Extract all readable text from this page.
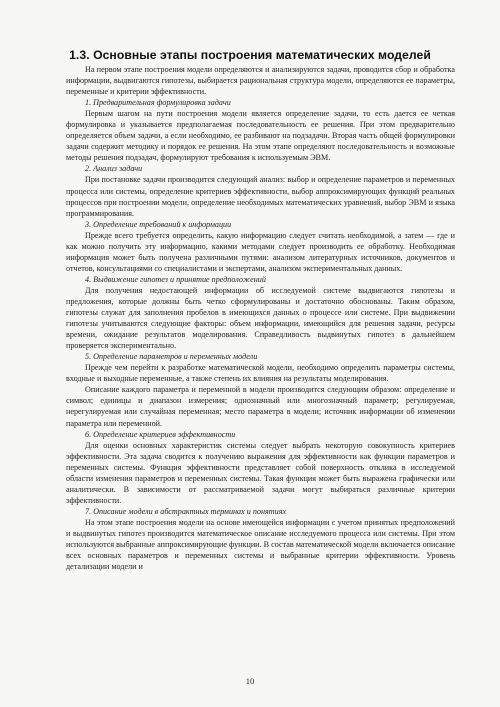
1.3. Основные этапы построения математических моделей

На первом этапе построения модели определяются и анализируются задачи, проводится сбор и обработка информации, выдвигаются гипотезы, выбирается рациональная структура модели, определяются ее параметры, переменные и критерии эффективности.

1. Предварительная формулировка задачи

Первым шагом на пути построения модели является определение задачи, то есть дается ее четкая формулировка и указывается предполагаемая последовательность ее решения. При этом предварительно определяется объем задачи, а если необходимо, ее разбивают на подзадачи. Вторая часть общей формулировки задачи содержит методику и порядок ее решения. На этом этапе определяют последовательность и возможные методы решения подзадач, формулируют требования к используемым ЭВМ.

2. Анализ задачи

При постановке задачи производится следующий анализ: выбор и определение параметров и переменных процесса или системы, определение критериев эффективности, выбор аппроксимирующих функций реальных процессов при построении модели, определение необходимых математических уравнений, выбор ЭВМ и языка программирования.

3. Определение требований к информации

Прежде всего требуется определить, какую информацию следует считать необходимой, а затем — где и как можно получить эту информацию, какими методами следует производить ее обработку. Необходимая информация может быть получена различными путями: анализом литературных источников, документов и отчетов, консультациями со специалистами и экспертами, анализом экспериментальных данных.

4. Выдвижение гипотез и принятие предположений

Для получения недостающей информации об исследуемой системе выдвигаются гипотезы и предложения, которые должны быть четко сформулированы и достаточно обоснованы. Таким образом, гипотезы служат для заполнения пробелов в имеющихся данных о процессе или системе. При выдвижении гипотезы учитываются следующие факторы: объем информации, имеющийся для решения задачи, ресурсы времени, ожидание результатов моделирования. Справедливость выдвинутых гипотез в дальнейшем проверяется экспериментально.

5. Определение параметров и переменных модели

Прежде чем перейти к разработке математической модели, необходимо определить параметры системы, входные и выходные переменные, а также степень их влияния на результаты моделирования.

Описание каждого параметра и переменной в модели производится следующим образом: определение и символ; единицы и диапазон измерения; однозначный или многозначный параметр; регулируемая, нерегулируемая или случайная переменная; место параметра в модели; источник информации об изменении параметра или переменной.

6. Определение критериев эффективности

Для оценки основных характеристик системы следует выбрать некоторую совокупность критериев эффективности. Эта задача сводится к получению выражения для эффективности как функции параметров и переменных системы. Функция эффективности представляет собой поверхность отклика в исследуемой области изменения параметров и переменных системы. Такая функция может быть выражена графически или аналитически. В зависимости от рассматриваемой задачи могут выбираться различные критерии эффективности.

7. Описание модели в абстрактных терминах и понятиях

На этом этапе построения модели на основе имеющейся информации с учетом принятых предположений и выдвинутых гипотез производится математическое описание исследуемого процесса или системы. При этом используются выбранные аппроксимирующие функции. В состав математической модели включается описание всех основных параметров и переменных системы и выбранные критерии эффективности. Уровень детализации модели и

10
